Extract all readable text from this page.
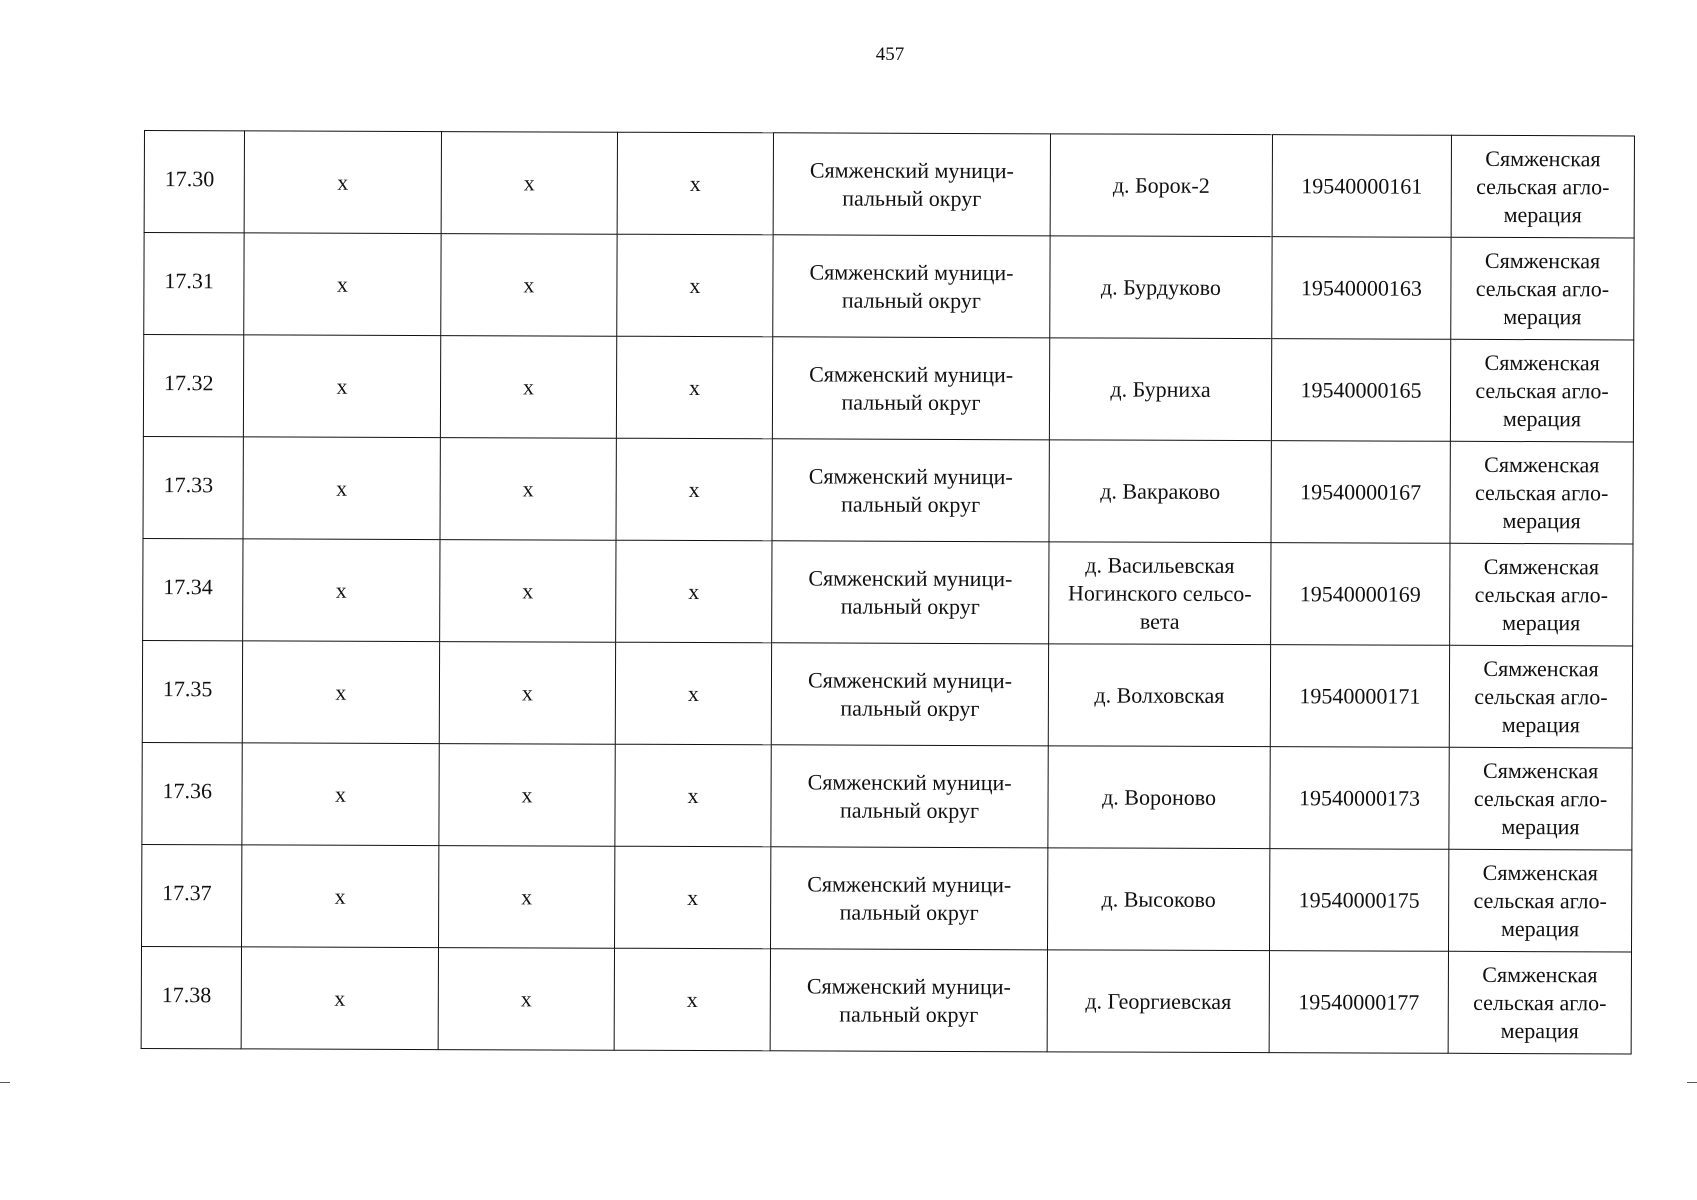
457
17.30	x	x	x	Сямженский муници-пальный округ	д. Борок-2	19540000161	Сямженская сельская агло-мерация
17.31	x	x	x	Сямженский муници-пальный округ	д. Бурдуково	19540000163	Сямженская сельская агло-мерация
17.32	x	x	x	Сямженский муници-пальный округ	д. Бурниха	19540000165	Сямженская сельская агло-мерация
17.33	x	x	x	Сямженский муници-пальный округ	д. Вакраково	19540000167	Сямженская сельская агло-мерация
17.34	x	x	x	Сямженский муници-пальный округ	д. Васильевская Ногинского сельсо-вета	19540000169	Сямженская сельская агло-мерация
17.35	x	x	x	Сямженский муници-пальный округ	д. Волховская	19540000171	Сямженская сельская агло-мерация
17.36	x	x	x	Сямженский муници-пальный округ	д. Вороново	19540000173	Сямженская сельская агло-мерация
17.37	x	x	x	Сямженский муници-пальный округ	д. Высоково	19540000175	Сямженская сельская агло-мерация
17.38	x	x	x	Сямженский муници-пальный округ	д. Георгиевская	19540000177	Сямженская сельская агло-мерация
